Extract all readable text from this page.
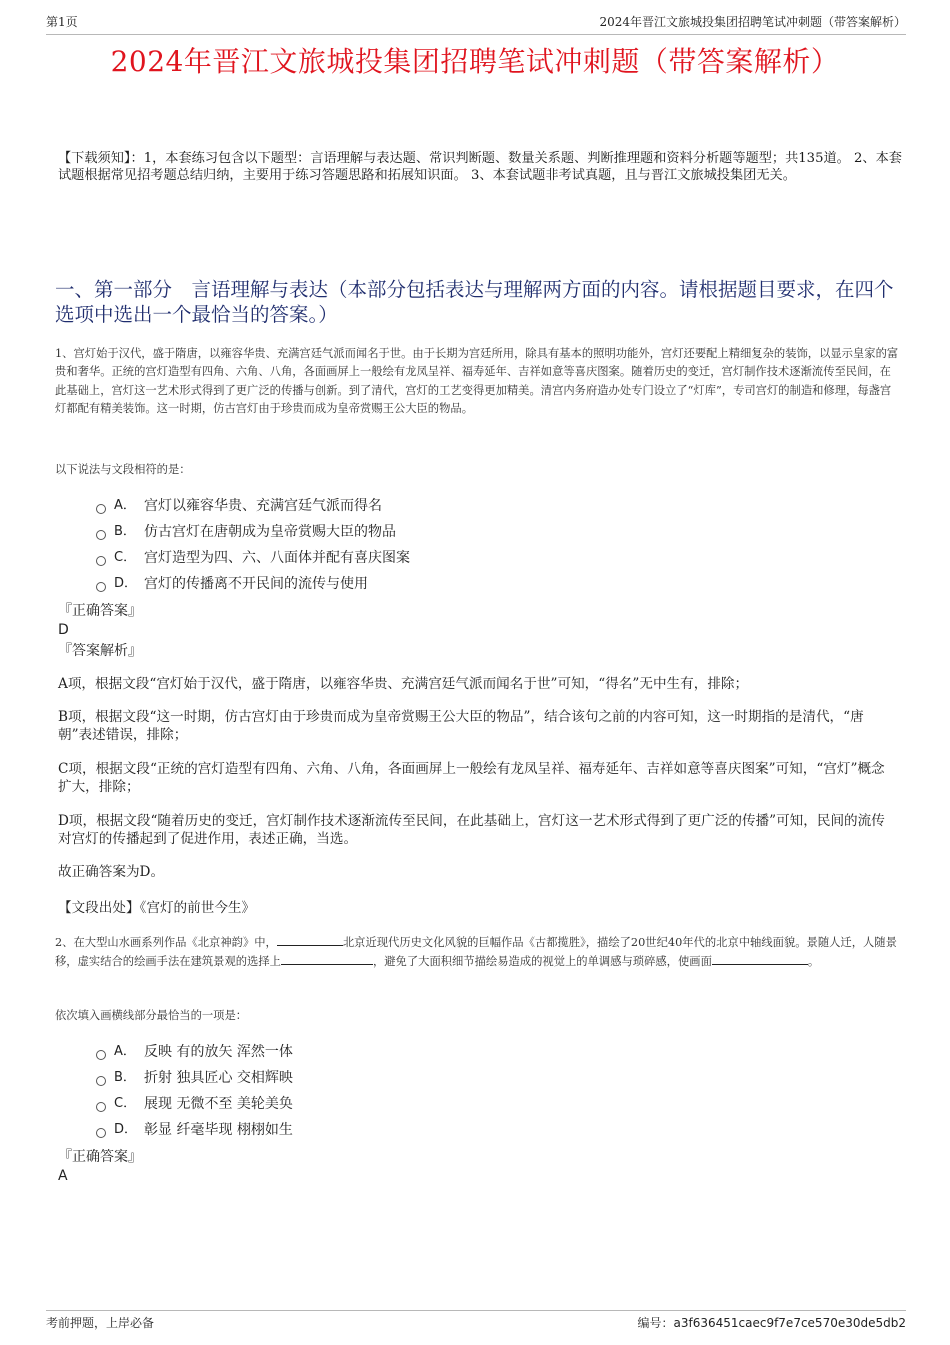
第1页	2024年晋江文旅城投集团招聘笔试冲刺题（带答案解析）
2024年晋江文旅城投集团招聘笔试冲刺题（带答案解析）
【下载须知】：1，本套练习包含以下题型：言语理解与表达题、常识判断题、数量关系题、判断推理题和资料分析题等题型；共135道。 2、本套试题根据常见招考题总结归纳，主要用于练习答题思路和拓展知识面。 3、本套试题非考试真题，且与晋江文旅城投集团无关。
一、第一部分　言语理解与表达（本部分包括表达与理解两方面的内容。请根据题目要求，在四个选项中选出一个最恰当的答案。）
1、宫灯始于汉代，盛于隋唐，以雍容华贵、充满宫廷气派而闻名于世。由于长期为宫廷所用，除具有基本的照明功能外，宫灯还要配上精细复杂的装饰，以显示皇家的富贵和奢华。正统的宫灯造型有四角、六角、八角，各面画屏上一般绘有龙凤呈祥、福寿延年、吉祥如意等喜庆图案。随着历史的变迁，宫灯制作技术逐渐流传至民间，在此基础上，宫灯这一艺术形式得到了更广泛的传播与创新。到了清代，宫灯的工艺变得更加精美。清宫内务府造办处专门设立了“灯库”，专司宫灯的制造和修理，每盏宫灯都配有精美装饰。这一时期，仿古宫灯由于珍贵而成为皇帝赏赐王公大臣的物品。
以下说法与文段相符的是：
A． 宫灯以雍容华贵、充满宫廷气派而得名
B． 仿古宫灯在唐朝成为皇帝赏赐大臣的物品
C． 宫灯造型为四、六、八面体并配有喜庆图案
D． 宫灯的传播离不开民间的流传与使用
『正确答案』
D
『答案解析』
A项，根据文段“宫灯始于汉代，盛于隋唐，以雍容华贵、充满宫廷气派而闻名于世”可知，“得名”无中生有，排除；
B项，根据文段“这一时期，仿古宫灯由于珍贵而成为皇帝赏赐王公大臣的物品”，结合该句之前的内容可知，这一时期指的是清代，“唐朝”表述错误，排除；
C项，根据文段“正统的宫灯造型有四角、六角、八角，各面画屏上一般绘有龙凤呈祥、福寿延年、吉祥如意等喜庆图案”可知，“宫灯”概念扩大，排除；
D项，根据文段“随着历史的变迁，宫灯制作技术逐渐流传至民间，在此基础上，宫灯这一艺术形式得到了更广泛的传播”可知，民间的流传对宫灯的传播起到了促进作用，表述正确，当选。
故正确答案为D。
【文段出处】《宫灯的前世今生》
2、在大型山水画系列作品《北京神韵》中，	北京近现代历史文化风貌的巨幅作品《古都揽胜》，描绘了20世纪40年代的北京中轴线面貌。景随人迁，人随景移，虚实结合的绘画手法在建筑景观的选择上	，避免了大面积细节描绘易造成的视觉上的单调感与琐碎感，使画面	。
依次填入画横线部分最恰当的一项是：
A． 反映 有的放矢 浑然一体
B． 折射 独具匠心 交相辉映
C． 展现 无微不至 美轮美奂
D． 彰显 纤毫毕现 栩栩如生
『正确答案』
A
考前押题，上岸必备	编号：a3f636451caec9f7e7ce570e30de5db2
